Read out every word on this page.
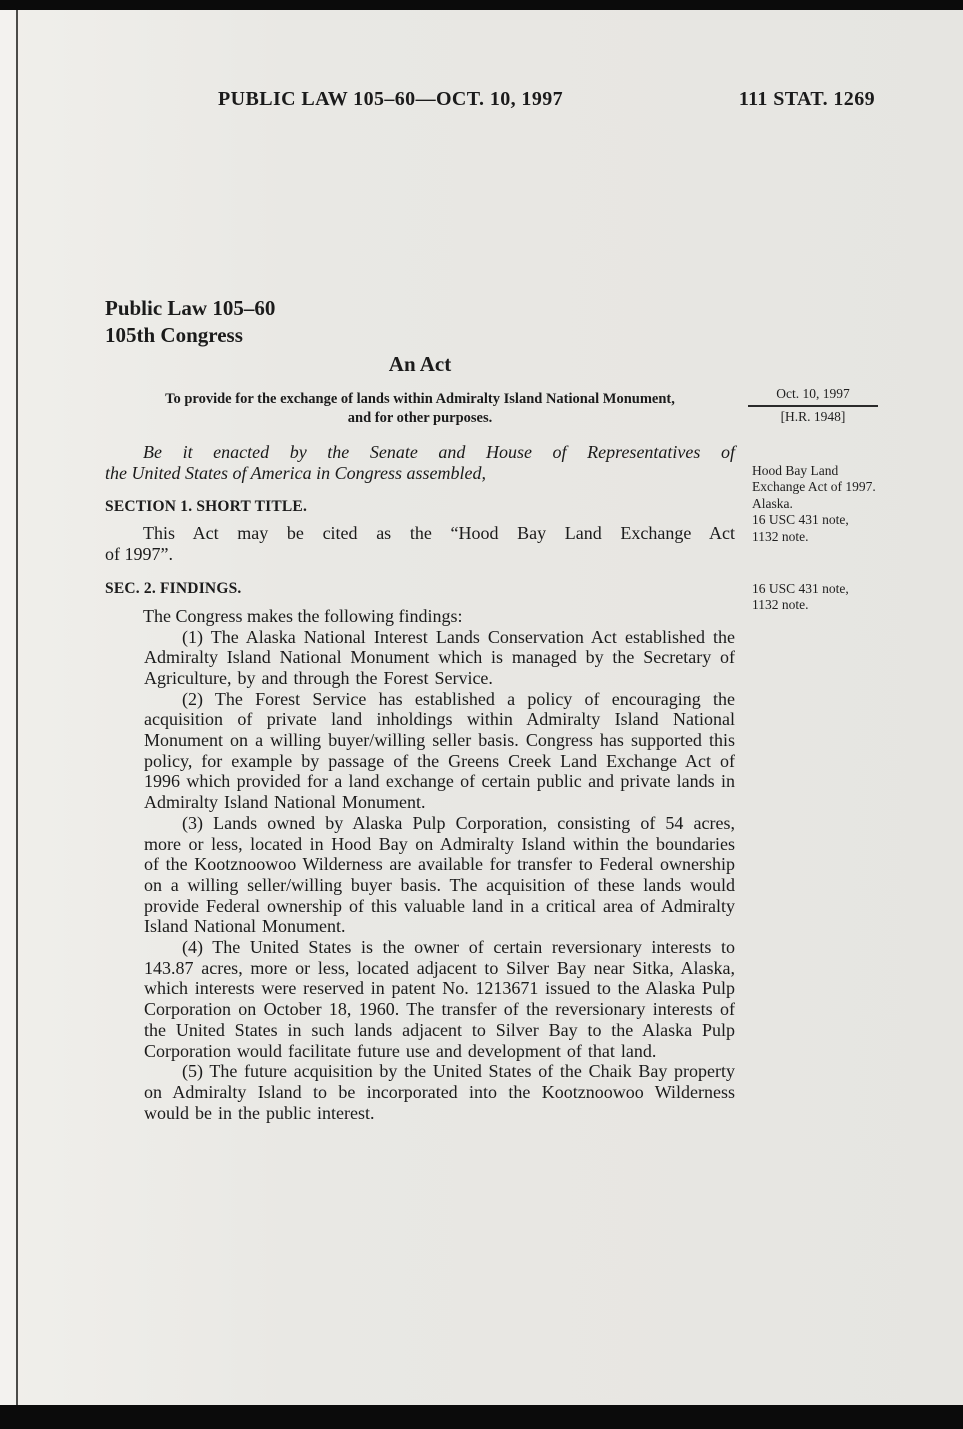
PUBLIC LAW 105–60—OCT. 10, 1997	111 STAT. 1269
Public Law 105–60
105th Congress
An Act
To provide for the exchange of lands within Admiralty Island National Monument,
and for other purposes.
Be it enacted by the Senate and House of Representatives of
the United States of America in Congress assembled,
SECTION 1. SHORT TITLE.
This Act may be cited as the “Hood Bay Land Exchange Act
of 1997”.
SEC. 2. FINDINGS.

The Congress makes the following findings:

(1) The Alaska National Interest Lands Conservation Act established the Admiralty Island National Monument which is managed by the Secretary of Agriculture, by and through the Forest Service.

(2) The Forest Service has established a policy of encouraging the acquisition of private land inholdings within Admiralty Island National Monument on a willing buyer/willing seller basis. Congress has supported this policy, for example by passage of the Greens Creek Land Exchange Act of 1996 which provided for a land exchange of certain public and private lands in Admiralty Island National Monument.

(3) Lands owned by Alaska Pulp Corporation, consisting of 54 acres, more or less, located in Hood Bay on Admiralty Island within the boundaries of the Kootznoowoo Wilderness are available for transfer to Federal ownership on a willing seller/willing buyer basis. The acquisition of these lands would provide Federal ownership of this valuable land in a critical area of Admiralty Island National Monument.

(4) The United States is the owner of certain reversionary interests to 143.87 acres, more or less, located adjacent to Silver Bay near Sitka, Alaska, which interests were reserved in patent No. 1213671 issued to the Alaska Pulp Corporation on October 18, 1960. The transfer of the reversionary interests of the United States in such lands adjacent to Silver Bay to the Alaska Pulp Corporation would facilitate future use and development of that land.

(5) The future acquisition by the United States of the Chaik Bay property on Admiralty Island to be incorporated into the Kootznoowoo Wilderness would be in the public interest.

Oct. 10, 1997
[H.R. 1948]
Hood Bay Land Exchange Act of 1997.
Alaska.
16 USC 431 note, 1132 note.
16 USC 431 note, 1132 note.
